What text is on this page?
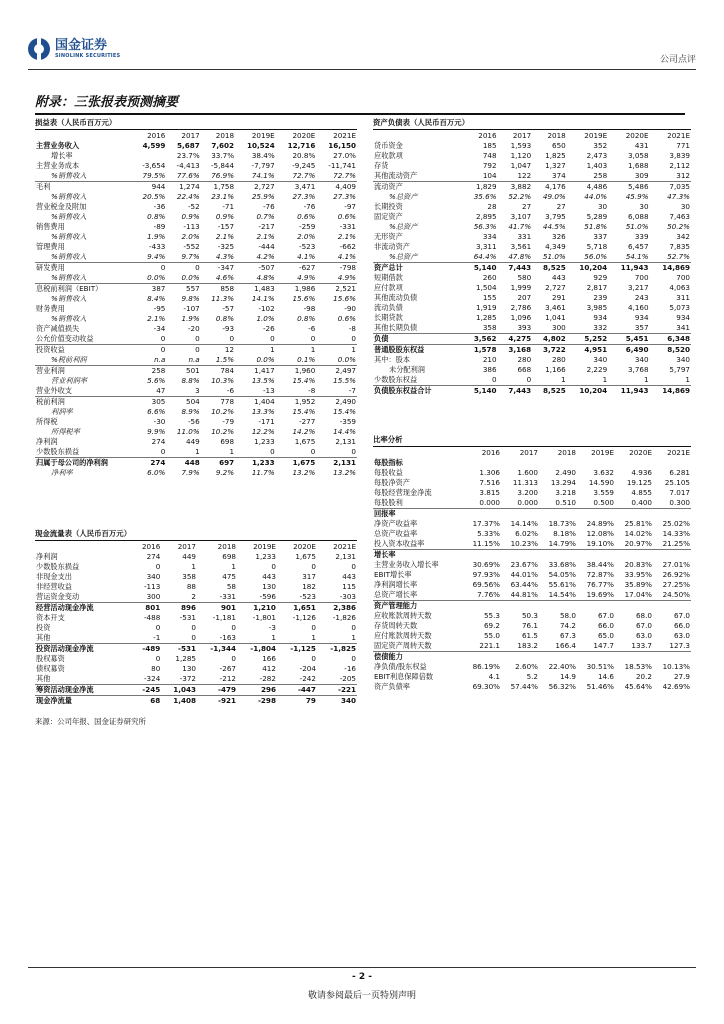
国金证券
SINOLINK SECURITIES	公司点评
附录：三张报表预测摘要
损益表（人民币百万元）
	2016	2017	2018	2019E	2020E	2021E
主营业务收入	4,599	5,687	7,602	10,524	12,716	16,150
增长率		23.7%	33.7%	38.4%	20.8%	27.0%
主营业务成本	-3,654	-4,413	-5,844	-7,797	-9,245	-11,741
%销售收入	79.5%	77.6%	76.9%	74.1%	72.7%	72.7%
毛利	944	1,274	1,758	2,727	3,471	4,409
%销售收入	20.5%	22.4%	23.1%	25.9%	27.3%	27.3%
营业税金及附加	-36	-52	-71	-76	-76	-97
%销售收入	0.8%	0.9%	0.9%	0.7%	0.6%	0.6%
销售费用	-89	-113	-157	-217	-259	-331
%销售收入	1.9%	2.0%	2.1%	2.1%	2.0%	2.1%
管理费用	-433	-552	-325	-444	-523	-662
%销售收入	9.4%	9.7%	4.3%	4.2%	4.1%	4.1%
研发费用	0	0	-347	-507	-627	-798
%销售收入	0.0%	0.0%	4.6%	4.8%	4.9%	4.9%
息税前利润（EBIT）	387	557	858	1,483	1,986	2,521
%销售收入	8.4%	9.8%	11.3%	14.1%	15.6%	15.6%
财务费用	-95	-107	-57	-102	-98	-90
%销售收入	2.1%	1.9%	0.8%	1.0%	0.8%	0.6%
资产减值损失	-34	-20	-93	-26	-6	-8
公允价值变动收益	0	0	0	0	0	0
投资收益	0	0	12	1	1	1
%税前利润	n.a	n.a	1.5%	0.0%	0.1%	0.0%
营业利润	258	501	784	1,417	1,960	2,497
营业利润率	5.6%	8.8%	10.3%	13.5%	15.4%	15.5%
营业外收支	47	3	-6	-13	-8	-7
税前利润	305	504	778	1,404	1,952	2,490
利润率	6.6%	8.9%	10.2%	13.3%	15.4%	15.4%
所得税	-30	-56	-79	-171	-277	-359
所得税率	9.9%	11.0%	10.2%	12.2%	14.2%	14.4%
净利润	274	449	698	1,233	1,675	2,131
少数股东损益	0	1	1	0	0	0
归属于母公司的净利润	274	448	697	1,233	1,675	2,131
净利率	6.0%	7.9%	9.2%	11.7%	13.2%	13.2%
现金流量表（人民币百万元）
	2016	2017	2018	2019E	2020E	2021E
净利润	274	449	698	1,233	1,675	2,131
少数股东损益	0	1	1	0	0	0
非现金支出	340	358	475	443	317	443
非经营收益	-113	88	58	130	182	115
营运资金变动	300	2	-331	-596	-523	-303
经营活动现金净流	801	896	901	1,210	1,651	2,386
资本开支	-488	-531	-1,181	-1,801	-1,126	-1,826
投资	0	0	0	-3	0	0
其他	-1	0	-163	1	1	1
投资活动现金净流	-489	-531	-1,344	-1,804	-1,125	-1,825
股权募资	0	1,285	0	166	0	0
债权募资	80	130	-267	412	-204	-16
其他	-324	-372	-212	-282	-242	-205
筹资活动现金净流	-245	1,043	-479	296	-447	-221
现金净流量	68	1,408	-921	-298	79	340
资产负债表（人民币百万元）
	2016	2017	2018	2019E	2020E	2021E
货币资金	185	1,593	650	352	431	771
应收款项	748	1,120	1,825	2,473	3,058	3,839
存货	792	1,047	1,327	1,403	1,688	2,112
其他流动资产	104	122	374	258	309	312
流动资产	1,829	3,882	4,176	4,486	5,486	7,035
%总资产	35.6%	52.2%	49.0%	44.0%	45.9%	47.3%
长期投资	28	27	27	30	30	30
固定资产	2,895	3,107	3,795	5,289	6,088	7,463
%总资产	56.3%	41.7%	44.5%	51.8%	51.0%	50.2%
无形资产	334	331	326	337	339	342
非流动资产	3,311	3,561	4,349	5,718	6,457	7,835
%总资产	64.4%	47.8%	51.0%	56.0%	54.1%	52.7%
资产总计	5,140	7,443	8,525	10,204	11,943	14,869
短期借款	260	580	443	929	700	700
应付款项	1,504	1,999	2,727	2,817	3,217	4,063
其他流动负债	155	207	291	239	243	311
流动负债	1,919	2,786	3,461	3,985	4,160	5,073
长期贷款	1,285	1,096	1,041	934	934	934
其他长期负债	358	393	300	332	357	341
负债	3,562	4,275	4,802	5,252	5,451	6,348
普通股股东权益	1,578	3,168	3,722	4,951	6,490	8,520
其中：股本	210	280	280	340	340	340
未分配利润	386	668	1,166	2,229	3,768	5,797
少数股东权益	0	0	1	1	1	1
负债股东权益合计	5,140	7,443	8,525	10,204	11,943	14,869
比率分析
	2016	2017	2018	2019E	2020E	2021E
每股指标						
每股收益	1.306	1.600	2.490	3.632	4.936	6.281
每股净资产	7.516	11.313	13.294	14.590	19.125	25.105
每股经营现金净流	3.815	3.200	3.218	3.559	4.855	7.017
每股股利	0.000	0.000	0.510	0.500	0.400	0.300
回报率						
净资产收益率	17.37%	14.14%	18.73%	24.89%	25.81%	25.02%
总资产收益率	5.33%	6.02%	8.18%	12.08%	14.02%	14.33%
投入资本收益率	11.15%	10.23%	14.79%	19.10%	20.97%	21.25%
增长率						
主营业务收入增长率	30.69%	23.67%	33.68%	38.44%	20.83%	27.01%
EBIT增长率	97.93%	44.01%	54.05%	72.87%	33.95%	26.92%
净利润增长率	69.56%	63.44%	55.61%	76.77%	35.89%	27.25%
总资产增长率	7.76%	44.81%	14.54%	19.69%	17.04%	24.50%
资产管理能力						
应收账款周转天数	55.3	50.3	58.0	67.0	68.0	67.0
存货周转天数	69.2	76.1	74.2	66.0	67.0	66.0
应付账款周转天数	55.0	61.5	67.3	65.0	63.0	63.0
固定资产周转天数	221.1	183.2	166.4	147.7	133.7	127.3
偿债能力						
净负债/股东权益	86.19%	2.60%	22.40%	30.51%	18.53%	10.13%
EBIT利息保障倍数	4.1	5.2	14.9	14.6	20.2	27.9
资产负债率	69.30%	57.44%	56.32%	51.46%	45.64%	42.69%
来源：公司年报、国金证券研究所
- 2 -
敬请参阅最后一页特别声明
